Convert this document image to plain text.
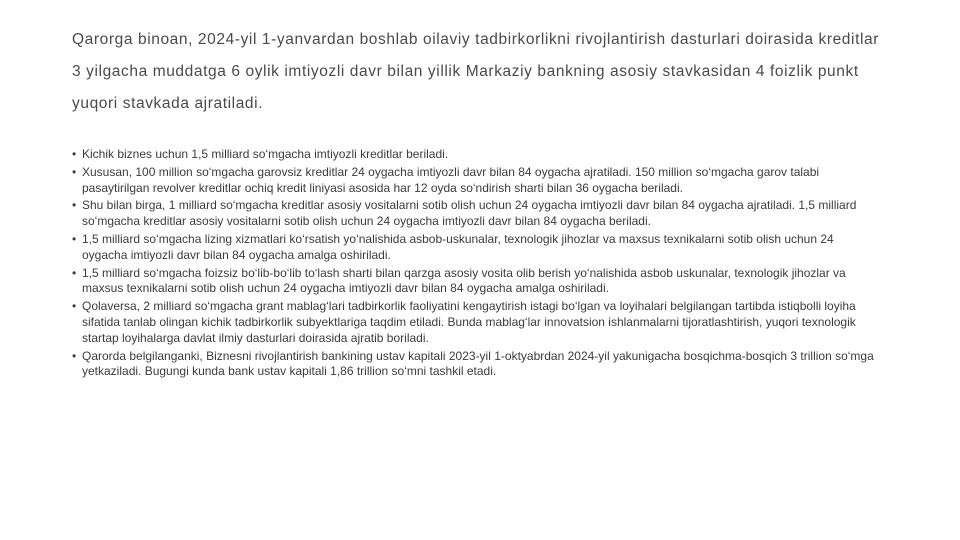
Qarorga binoan, 2024-yil 1-yanvardan boshlab oilaviy tadbirkorlikni rivojlantirish dasturlari doirasida kreditlar 3 yilgacha muddatga 6 oylik imtiyozli davr bilan yillik Markaziy bankning asosiy stavkasidan 4 foizlik punkt yuqori stavkada ajratiladi.

• Kichik biznes uchun 1,5 milliard so‘mgacha imtiyozli kreditlar beriladi.
• Xususan, 100 million so‘mgacha garovsiz kreditlar 24 oygacha imtiyozli davr bilan 84 oygacha ajratiladi. 150 million so‘mgacha garov talabi pasaytirilgan revolver kreditlar ochiq kredit liniyasi asosida har 12 oyda so‘ndirish sharti bilan 36 oygacha beriladi.
• Shu bilan birga, 1 milliard so‘mgacha kreditlar asosiy vositalarni sotib olish uchun 24 oygacha imtiyozli davr bilan 84 oygacha ajratiladi. 1,5 milliard so‘mgacha kreditlar asosiy vositalarni sotib olish uchun 24 oygacha imtiyozli davr bilan 84 oygacha beriladi.
• 1,5 milliard so‘mgacha lizing xizmatlari ko‘rsatish yo‘nalishida asbob-uskunalar, texnologik jihozlar va maxsus texnikalarni sotib olish uchun 24 oygacha imtiyozli davr bilan 84 oygacha amalga oshiriladi.
• 1,5 milliard so‘mgacha foizsiz bo‘lib-bo‘lib to‘lash sharti bilan qarzga asosiy vosita olib berish yo‘nalishida asbob uskunalar, texnologik jihozlar va maxsus texnikalarni sotib olish uchun 24 oygacha imtiyozli davr bilan 84 oygacha amalga oshiriladi.
• Qolaversa, 2 milliard so‘mgacha grant mablag‘lari tadbirkorlik faoliyatini kengaytirish istagi bo‘lgan va loyihalari belgilangan tartibda istiqbolli loyiha sifatida tanlab olingan kichik tadbirkorlik subyektlariga taqdim etiladi. Bunda mablag‘lar innovatsion ishlanmalarni tijoratlashtirish, yuqori texnologik startap loyihalarga davlat ilmiy dasturlari doirasida ajratib boriladi.
• Qarorda belgilanganki, Biznesni rivojlantirish bankining ustav kapitali 2023-yil 1-oktyabrdan 2024-yil yakunigacha bosqichma-bosqich 3 trillion so‘mga yetkaziladi. Bugungi kunda bank ustav kapitali 1,86 trillion so‘mni tashkil etadi.
